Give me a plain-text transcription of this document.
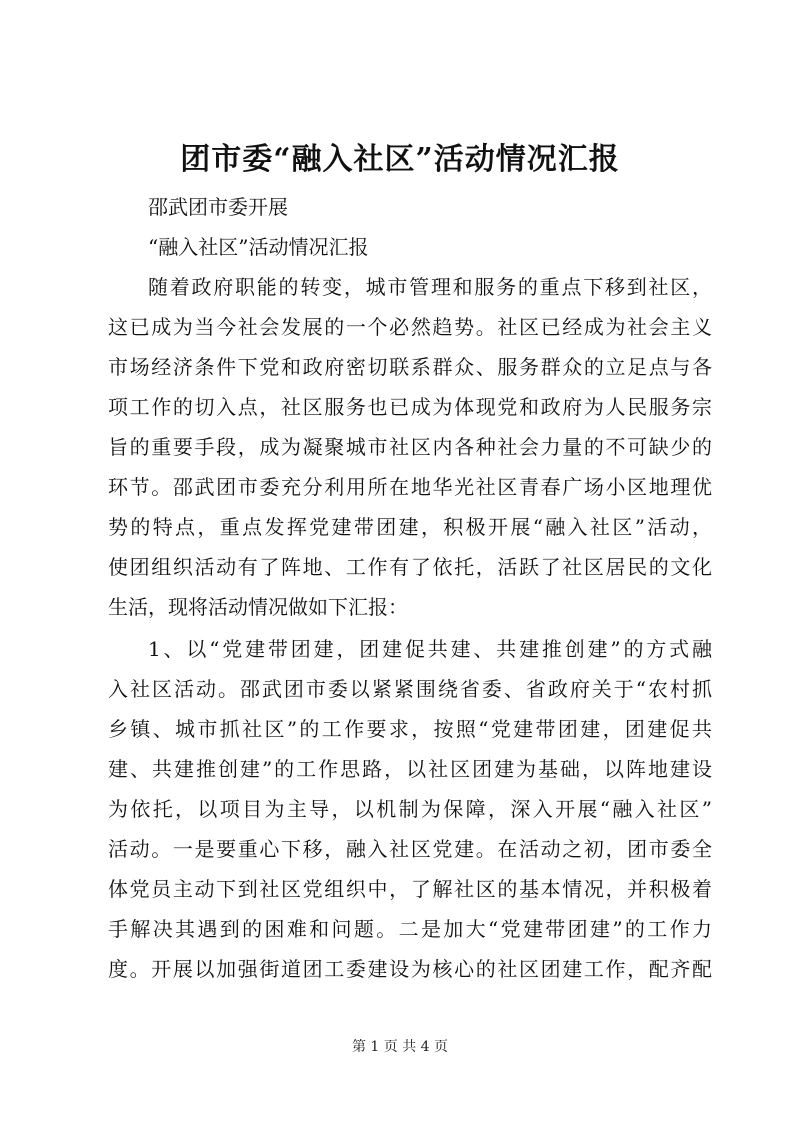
团市委“融入社区”活动情况汇报

邵武团市委开展

“融入社区”活动情况汇报

随着政府职能的转变，城市管理和服务的重点下移到社区，

这已成为当今社会发展的一个必然趋势。社区已经成为社会主义

市场经济条件下党和政府密切联系群众、服务群众的立足点与各

项工作的切入点，社区服务也已成为体现党和政府为人民服务宗

旨的重要手段，成为凝聚城市社区内各种社会力量的不可缺少的

环节。邵武团市委充分利用所在地华光社区青春广场小区地理优

势的特点，重点发挥党建带团建，积极开展“融入社区”活动，

使团组织活动有了阵地、工作有了依托，活跃了社区居民的文化

生活，现将活动情况做如下汇报：

1、以“党建带团建，团建促共建、共建推创建”的方式融

入社区活动。邵武团市委以紧紧围绕省委、省政府关于“农村抓

乡镇、城市抓社区”的工作要求，按照“党建带团建，团建促共

建、共建推创建”的工作思路，以社区团建为基础，以阵地建设

为依托，以项目为主导，以机制为保障，深入开展“融入社区”

活动。一是要重心下移，融入社区党建。在活动之初，团市委全

体党员主动下到社区党组织中，了解社区的基本情况，并积极着

手解决其遇到的困难和问题。二是加大“党建带团建”的工作力

度。开展以加强街道团工委建设为核心的社区团建工作，配齐配

第 1 页 共 4 页
